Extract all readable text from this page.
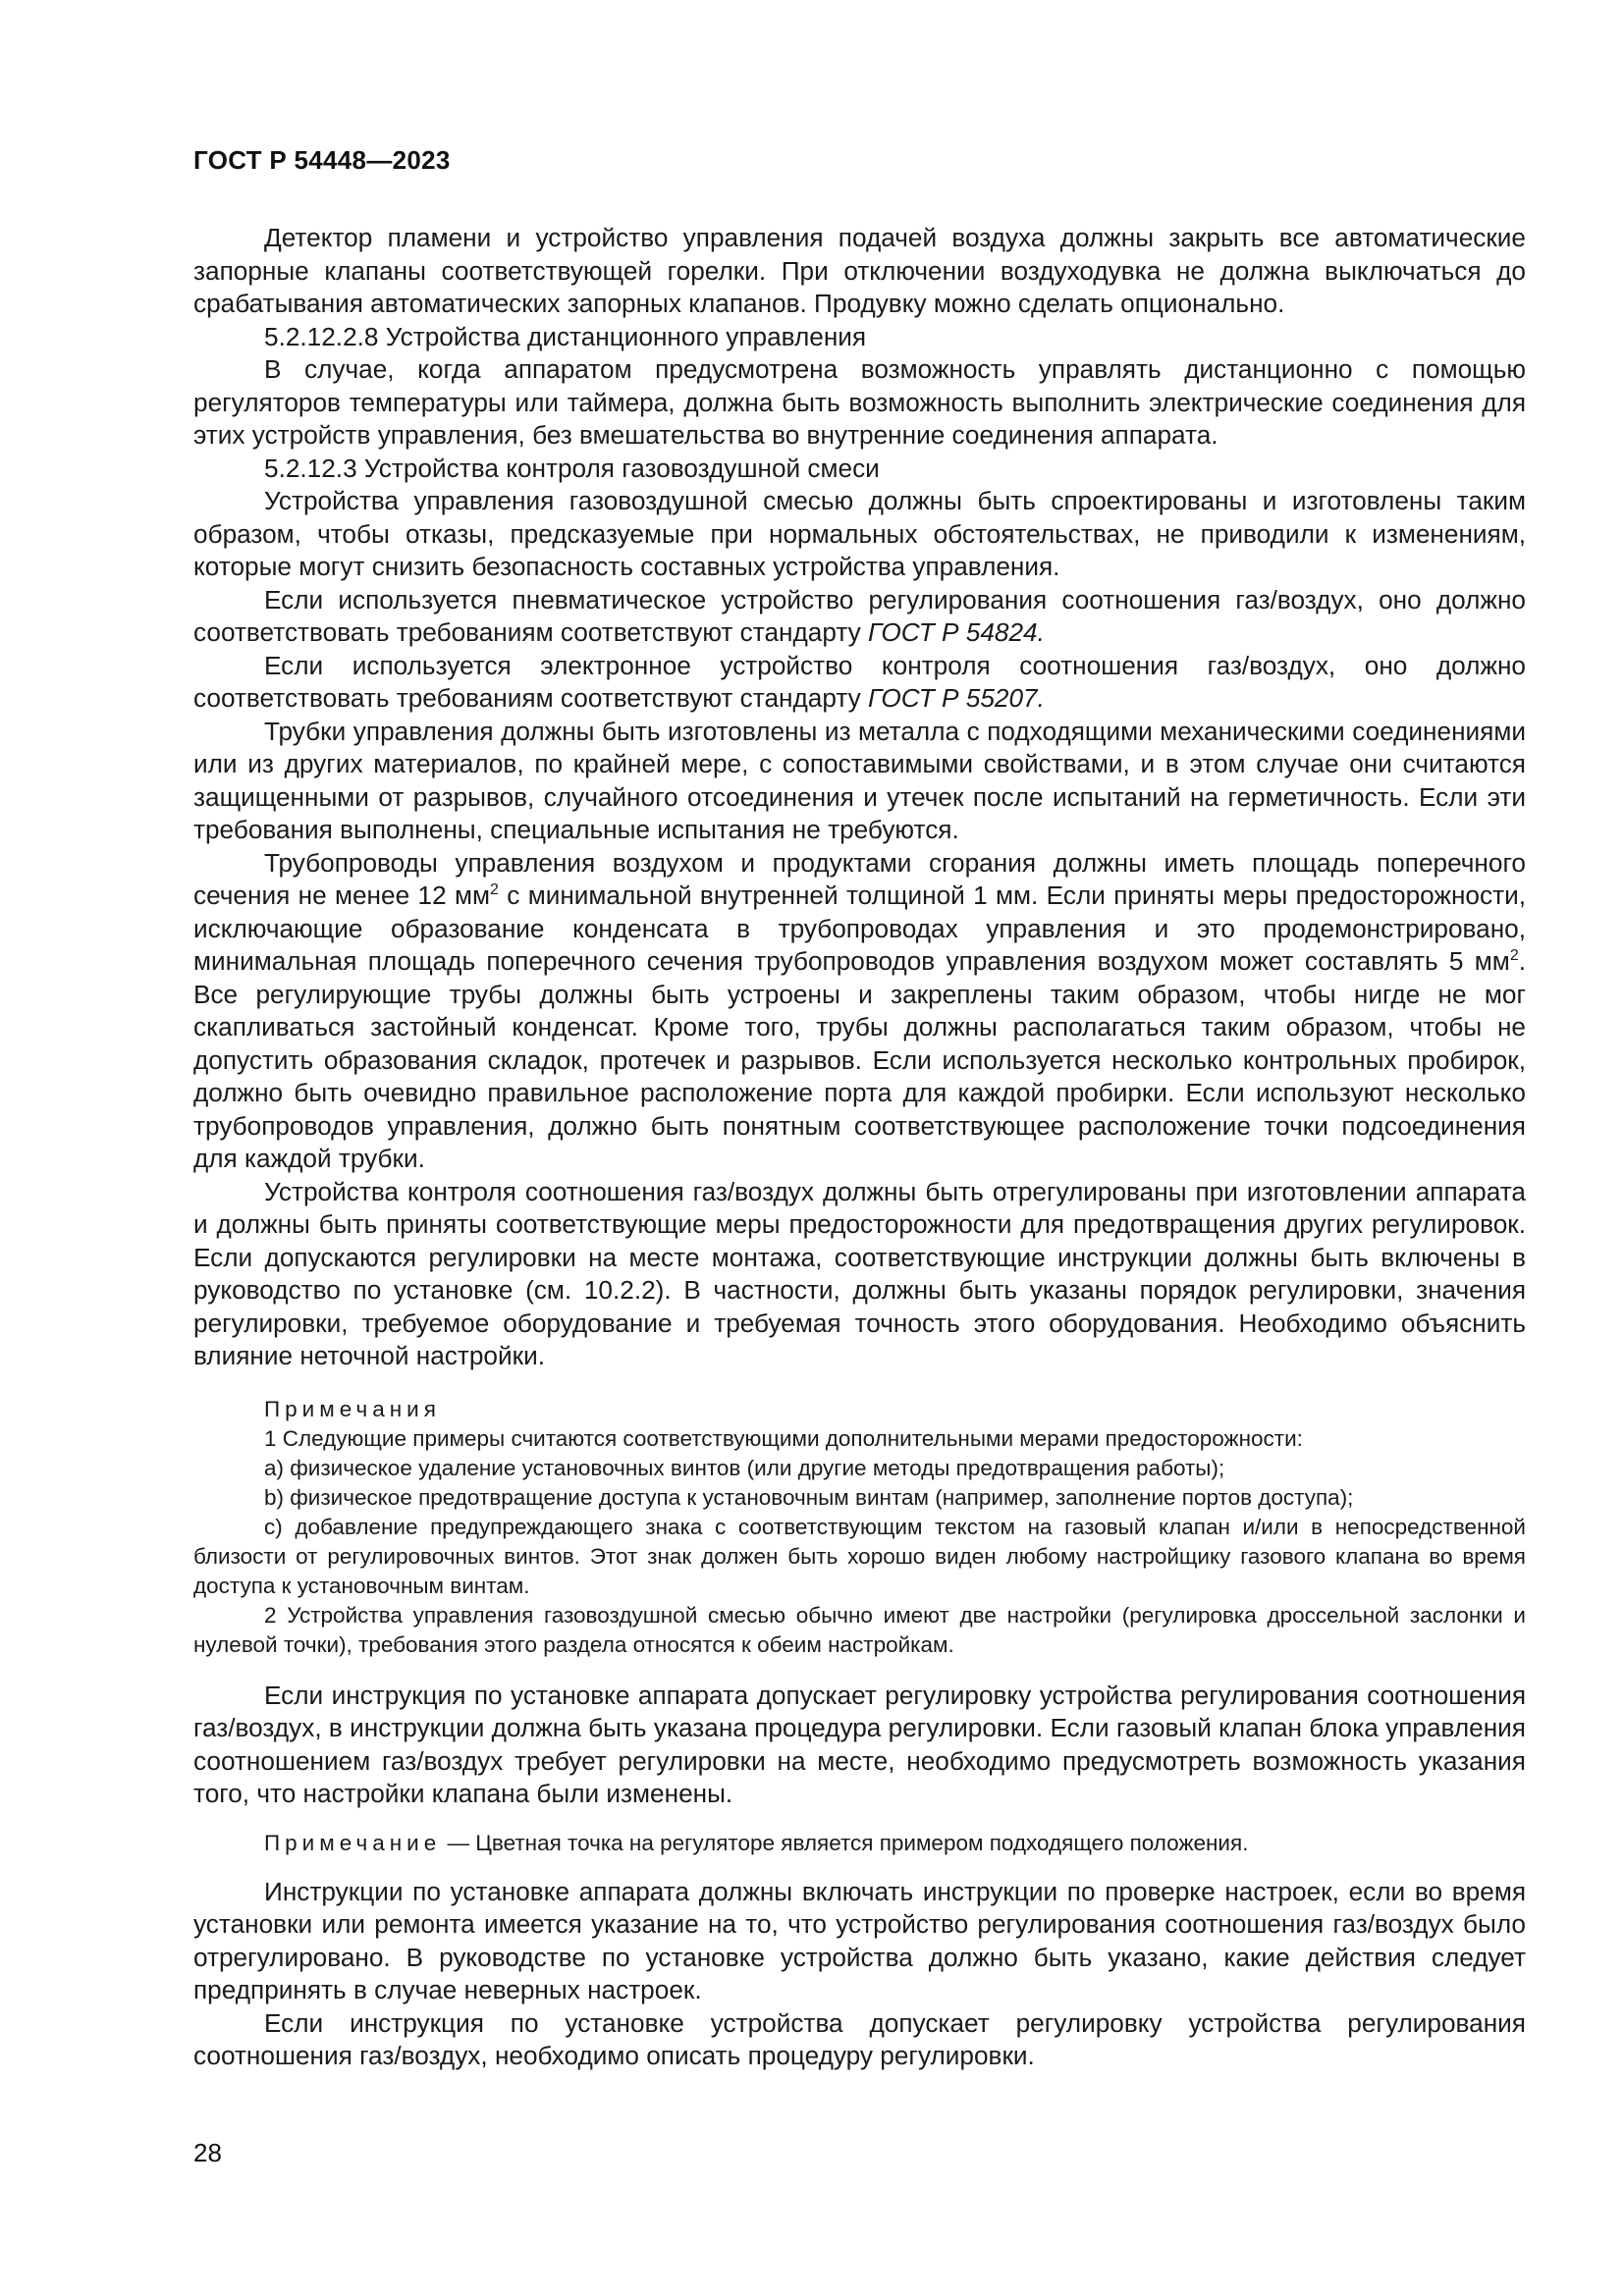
ГОСТ Р 54448—2023

Детектор пламени и устройство управления подачей воздуха должны закрыть все автоматические запорные клапаны соответствующей горелки. При отключении воздуходувка не должна выключаться до срабатывания автоматических запорных клапанов. Продувку можно сделать опционально.

5.2.12.2.8 Устройства дистанционного управления

В случае, когда аппаратом предусмотрена возможность управлять дистанционно с помощью регуляторов температуры или таймера, должна быть возможность выполнить электрические соединения для этих устройств управления, без вмешательства во внутренние соединения аппарата.

5.2.12.3 Устройства контроля газовоздушной смеси

Устройства управления газовоздушной смесью должны быть спроектированы и изготовлены таким образом, чтобы отказы, предсказуемые при нормальных обстоятельствах, не приводили к изменениям, которые могут снизить безопасность составных устройства управления.

Если используется пневматическое устройство регулирования соотношения газ/воздух, оно должно соответствовать требованиям соответствуют стандарту ГОСТ Р 54824.

Если используется электронное устройство контроля соотношения газ/воздух, оно должно соответствовать требованиям соответствуют стандарту ГОСТ Р 55207.

Трубки управления должны быть изготовлены из металла с подходящими механическими соединениями или из других материалов, по крайней мере, с сопоставимыми свойствами, и в этом случае они считаются защищенными от разрывов, случайного отсоединения и утечек после испытаний на герметичность. Если эти требования выполнены, специальные испытания не требуются.

Трубопроводы управления воздухом и продуктами сгорания должны иметь площадь поперечного сечения не менее 12 $мм^2$ с минимальной внутренней толщиной 1 мм. Если приняты меры предосторожности, исключающие образование конденсата в трубопроводах управления и это продемонстрировано, минимальная площадь поперечного сечения трубопроводов управления воздухом может составлять 5 $мм^2$. Все регулирующие трубы должны быть устроены и закреплены таким образом, чтобы нигде не мог скапливаться застойный конденсат. Кроме того, трубы должны располагаться таким образом, чтобы не допустить образования складок, протечек и разрывов. Если используется несколько контрольных пробирок, должно быть очевидно правильное расположение порта для каждой пробирки. Если используют несколько трубопроводов управления, должно быть понятным соответствующее расположение точки подсоединения для каждой трубки.

Устройства контроля соотношения газ/воздух должны быть отрегулированы при изготовлении аппарата и должны быть приняты соответствующие меры предосторожности для предотвращения других регулировок. Если допускаются регулировки на месте монтажа, соответствующие инструкции должны быть включены в руководство по установке (см. 10.2.2). В частности, должны быть указаны порядок регулировки, значения регулировки, требуемое оборудование и требуемая точность этого оборудования. Необходимо объяснить влияние неточной настройки.

Примечания

1 Следующие примеры считаются соответствующими дополнительными мерами предосторожности:

a) физическое удаление установочных винтов (или другие методы предотвращения работы);

b) физическое предотвращение доступа к установочным винтам (например, заполнение портов доступа);

c) добавление предупреждающего знака с соответствующим текстом на газовый клапан и/или в непосредственной близости от регулировочных винтов. Этот знак должен быть хорошо виден любому настройщику газового клапана во время доступа к установочным винтам.

2 Устройства управления газовоздушной смесью обычно имеют две настройки (регулировка дроссельной заслонки и нулевой точки), требования этого раздела относятся к обеим настройкам.

Если инструкция по установке аппарата допускает регулировку устройства регулирования соотношения газ/воздух, в инструкции должна быть указана процедура регулировки. Если газовый клапан блока управления соотношением газ/воздух требует регулировки на месте, необходимо предусмотреть возможность указания того, что настройки клапана были изменены.

Примечание — Цветная точка на регуляторе является примером подходящего положения.

Инструкции по установке аппарата должны включать инструкции по проверке настроек, если во время установки или ремонта имеется указание на то, что устройство регулирования соотношения газ/воздух было отрегулировано. В руководстве по установке устройства должно быть указано, какие действия следует предпринять в случае неверных настроек.

Если инструкция по установке устройства допускает регулировку устройства регулирования соотношения газ/воздух, необходимо описать процедуру регулировки.

28
